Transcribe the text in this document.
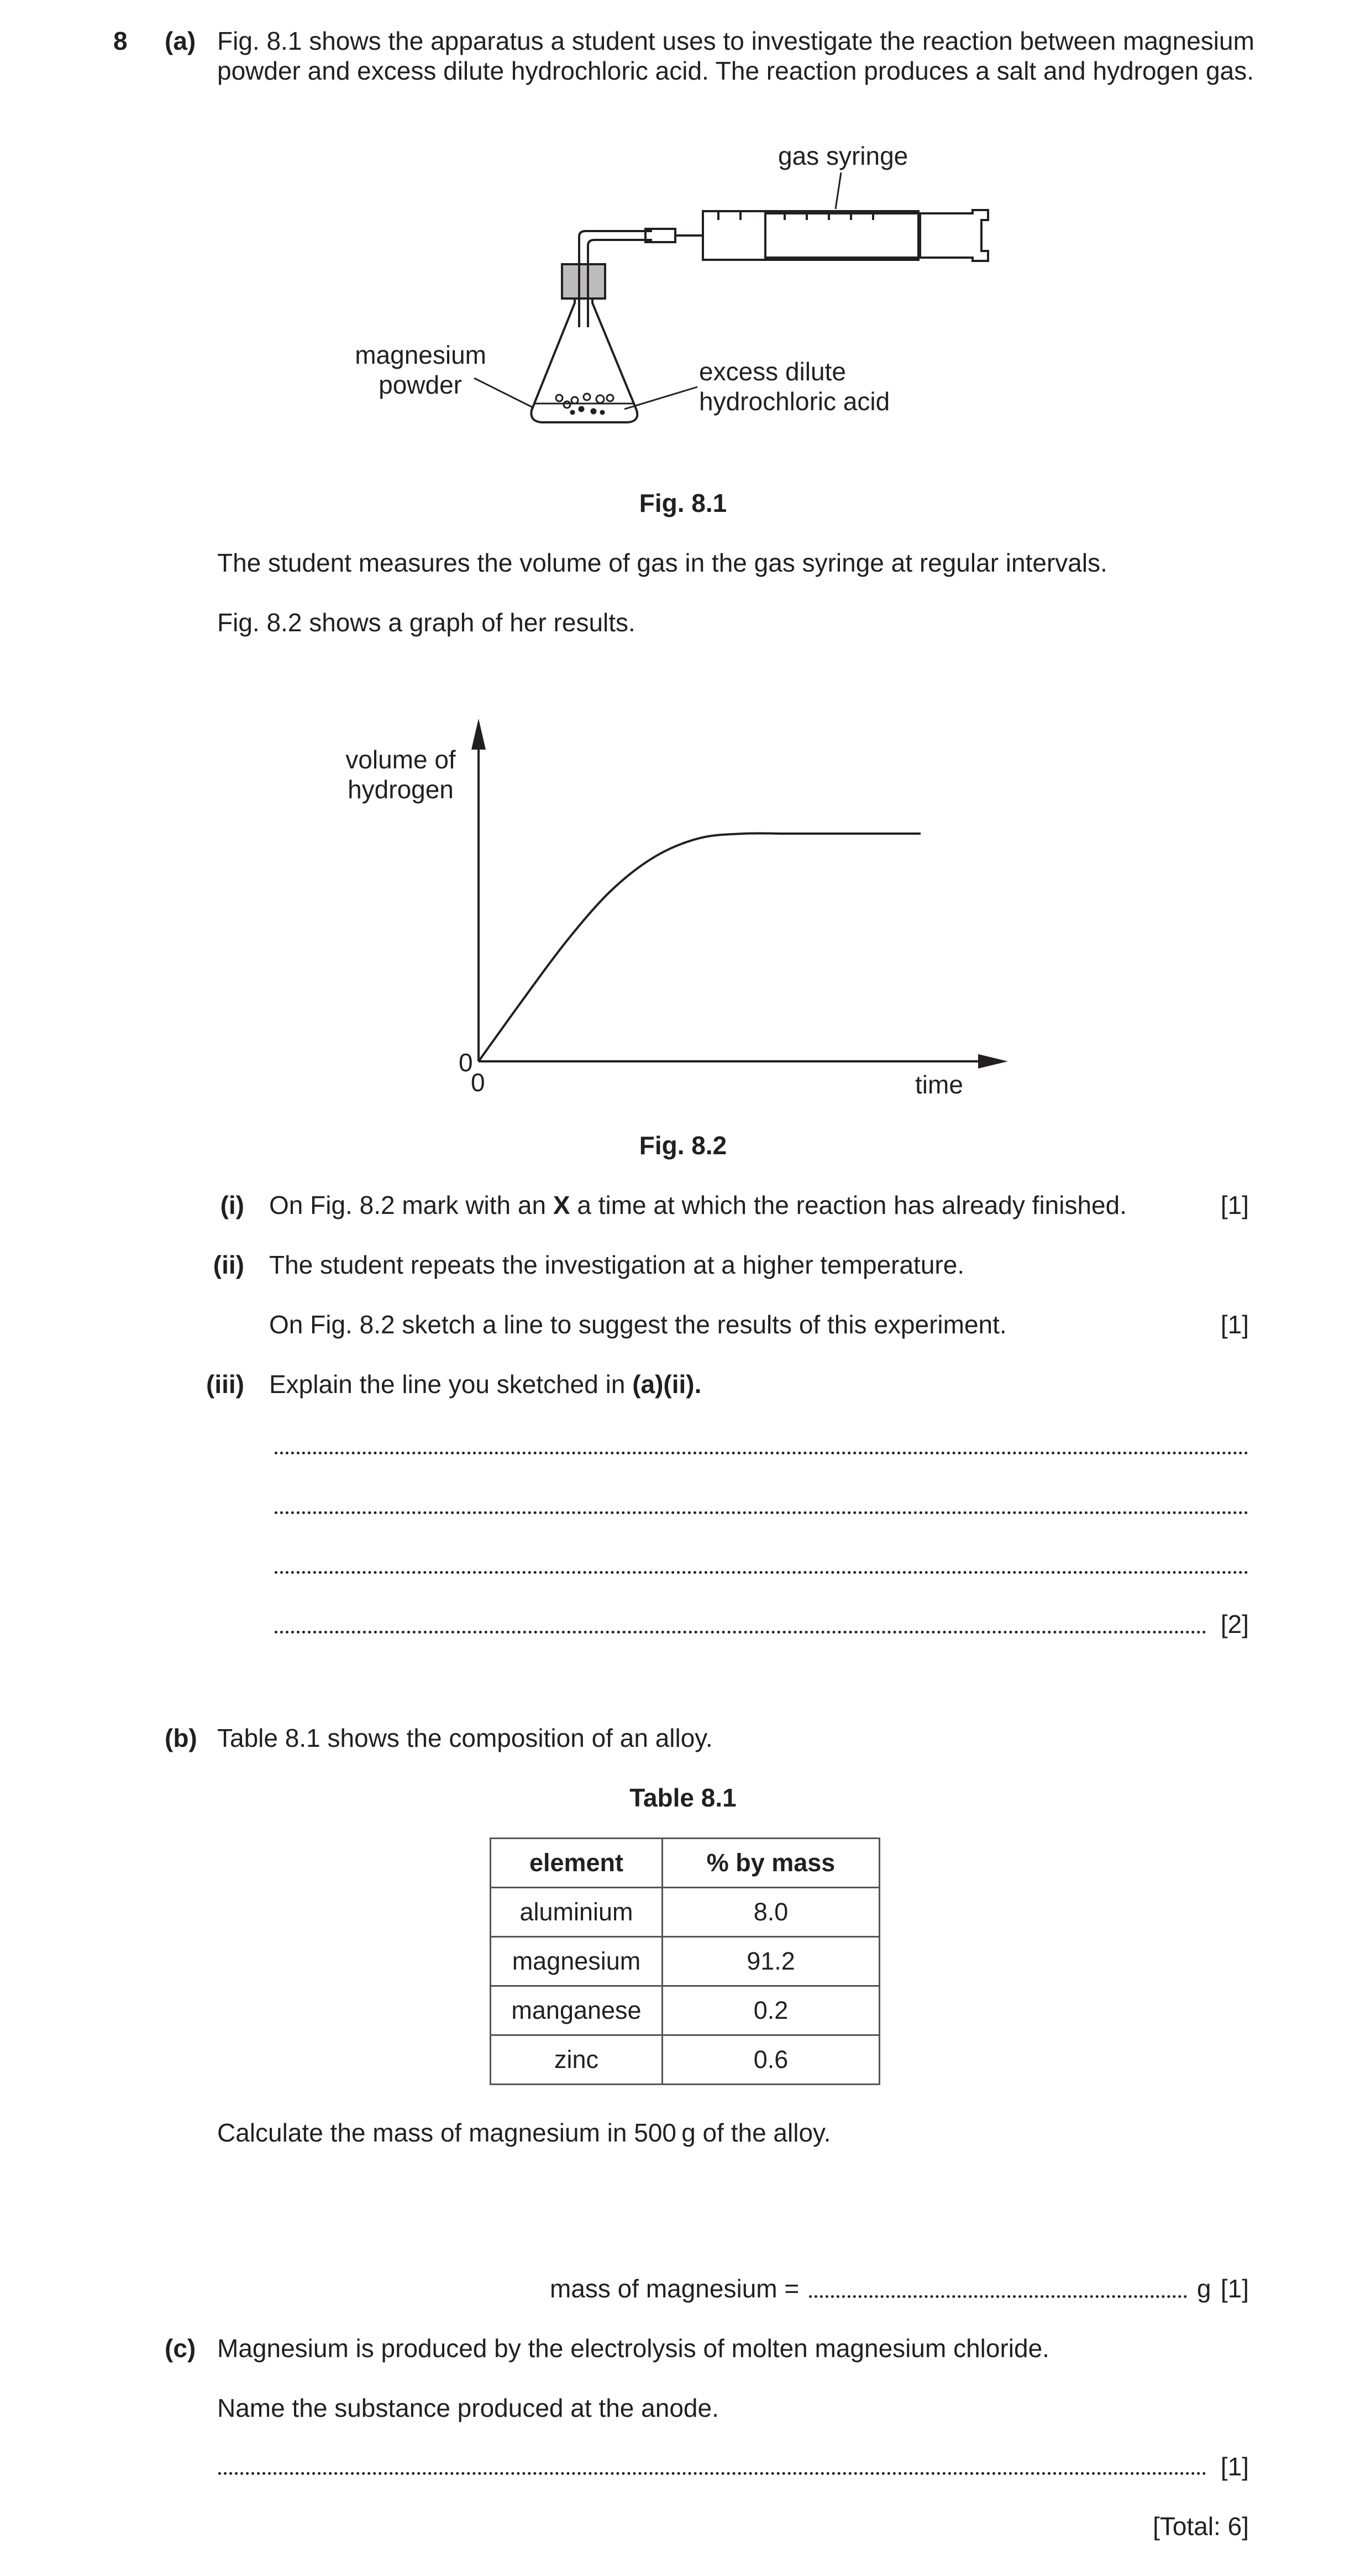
8 (a) Fig. 8.1 shows the apparatus a student uses to investigate the reaction between magnesium
powder and excess dilute hydrochloric acid. The reaction produces a salt and hydrogen gas.
gas syringe
magnesium
powder	excess dilute
hydrochloric acid
Fig. 8.1
The student measures the volume of gas in the gas syringe at regular intervals.
Fig. 8.2 shows a graph of her results.
volume of
hydrogen
0
0	time
Fig. 8.2
(i) On Fig. 8.2 mark with an X a time at which the reaction has already finished.	[1]
(ii) The student repeats the investigation at a higher temperature.
On Fig. 8.2 sketch a line to suggest the results of this experiment.	[1]
(iii) Explain the line you sketched in (a)(ii).
[2]
(b) Table 8.1 shows the composition of an alloy.
Table 8.1
element	% by mass
aluminium	8.0
magnesium	91.2
manganese	0.2
zinc	0.6
Calculate the mass of magnesium in 500 g of the alloy.
mass of magnesium =	g [1]
(c) Magnesium is produced by the electrolysis of molten magnesium chloride.
Name the substance produced at the anode.
[1]
[Total: 6]
